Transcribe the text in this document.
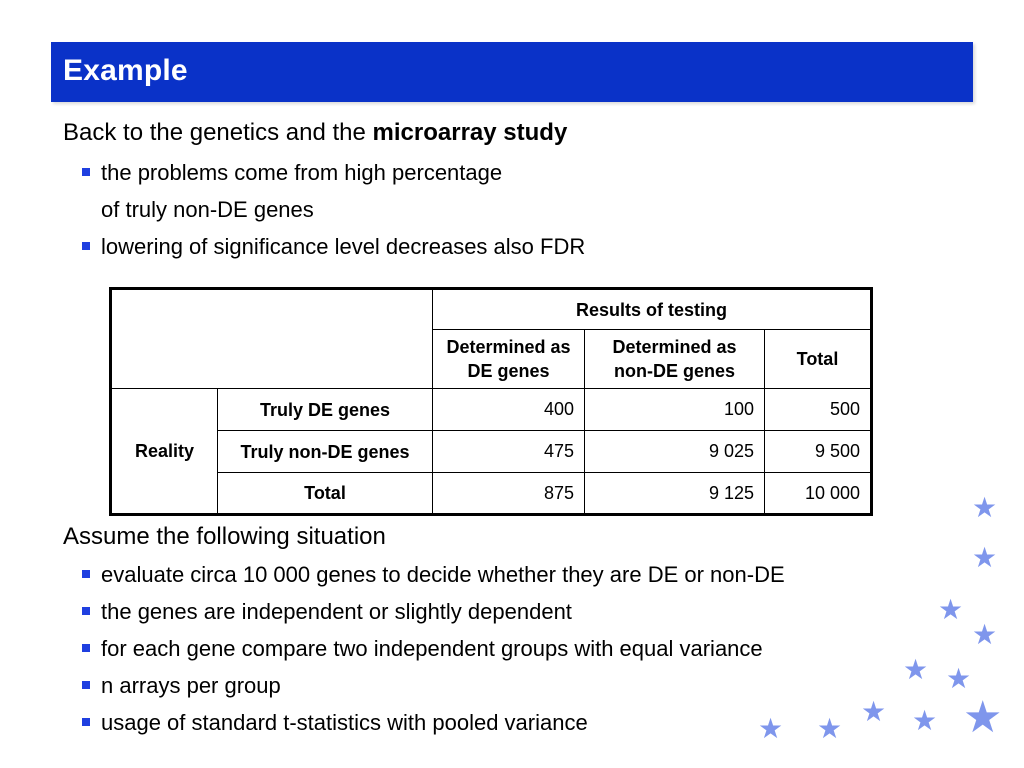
Example
Back to the genetics and the microarray study
the problems come from high percentage
of truly non-DE genes
lowering of significance level decreases also FDR
		Results of testing		
		Determined as DE genes	Determined as non-DE genes	Total
Reality	Truly DE genes	400	100	500
	Truly non-DE genes	475	9 025	9 500
	Total	875	9 125	10 000
Assume the following situation
evaluate circa 10 000 genes to decide whether they are DE or non-DE
the genes are independent or slightly dependent
for each gene compare two independent groups with equal variance
n arrays per group
usage of standard t-statistics with pooled variance
★
★
★
★
★ ★
★ ★ ★
★
★
